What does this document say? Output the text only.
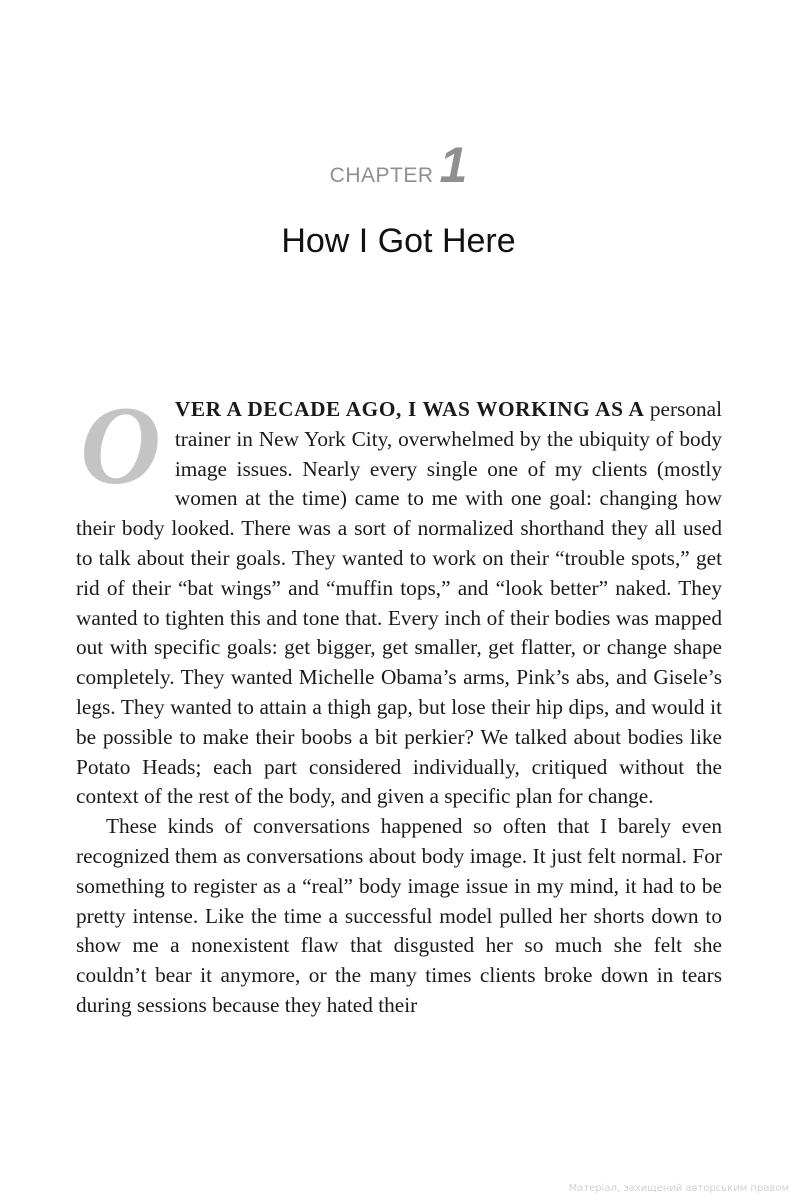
CHAPTER 1
How I Got Here

OVER A DECADE AGO, I WAS WORKING AS A personal trainer in New York City, overwhelmed by the ubiquity of body image issues. Nearly every single one of my clients (mostly women at the time) came to me with one goal: changing how their body looked. There was a sort of normalized shorthand they all used to talk about their goals. They wanted to work on their “trouble spots,” get rid of their “bat wings” and “muffin tops,” and “look better” naked. They wanted to tighten this and tone that. Every inch of their bodies was mapped out with specific goals: get bigger, get smaller, get flatter, or change shape completely. They wanted Michelle Obama’s arms, Pink’s abs, and Gisele’s legs. They wanted to attain a thigh gap, but lose their hip dips, and would it be possible to make their boobs a bit perkier? We talked about bodies like Potato Heads; each part considered individually, critiqued without the context of the rest of the body, and given a specific plan for change.

These kinds of conversations happened so often that I barely even recognized them as conversations about body image. It just felt normal. For something to register as a “real” body image issue in my mind, it had to be pretty intense. Like the time a successful model pulled her shorts down to show me a nonexistent flaw that disgusted her so much she felt she couldn’t bear it anymore, or the many times clients broke down in tears during sessions because they hated their

Матеріал, захищений авторським правом
